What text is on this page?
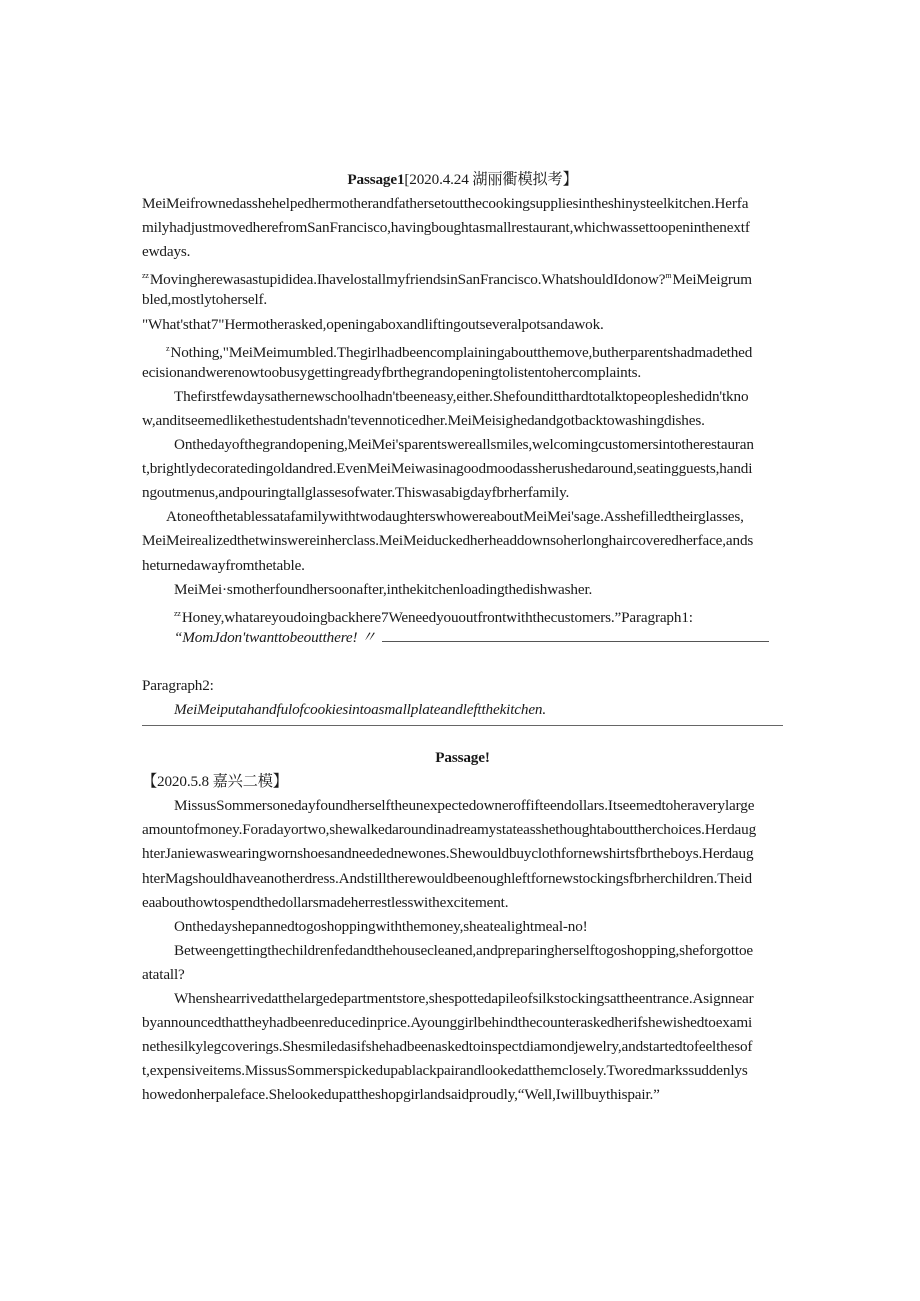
Passage1[2020.4.24 湖丽衢模拟考】
MeiMeifrownedasshehelpedhermotherandfathersetoutthecookingsuppliesintheshinysteelkitchen.Herfa
milyhadjustmovedherefromSanFrancisco,havingboughtasmallrestaurant,whichwassettoopeninthenextf
ewdays.
$^{zz}$Movingherewasastupididea.IhavelostallmyfriendsinSanFrancisco.WhatshouldIdonow?$^m$MeiMeigrum
bled,mostlytoherself.
"What'sthat7"Hermotherasked,openingaboxandliftingoutseveralpotsandawok.
$^z$Nothing,"MeiMeimumbled.Thegirlhadbeencomplainingaboutthemove,butherparentshadmadethed
ecisionandwerenowtoobusygettingreadyfbrthegrandopeningtolistentohercomplaints.
Thefirstfewdaysathernewschoolhadn'tbeeneasy,either.Shefounditthardtotalktopeopleshedidn'tkno
w,anditseemedlikethestudentshadn'tevennoticedher.MeiMeisighedandgotbacktowashingdishes.
Onthedayofthegrandopening,MeiMei'sparentswereallsmiles,welcomingcustomersintotherestauran
t,brightlydecoratedingoldandred.EvenMeiMeiwasinagoodmoodassherushedaround,seatingguests,handi
ngoutmenus,andpouringtallglassesofwater.Thiswasabigdayfbrherfamily.
AtoneofthetablessatafamilywithtwodaughterswhowereaboutMeiMei'sage.Asshefilledtheirglasses,
MeiMeirealizedthetwinswereinherclass.MeiMeiduckedherheaddownsoherlonghaircoveredherface,ands
heturnedawayfromthetable.
MeiMei·smotherfoundhersoonafter,inthekitchenloadingthedishwasher.
$^{zz}$Honey,whatareyoudoingbackhere7Weneedyououtfrontwiththecustomers.”Paragraph1:
“MomJdon'twanttobeoutthere! 〃
Paragraph2:
MeiMeiputahandfulofcookiesintoasmallplateandleftthekitchen.
Passage!
【2020.5.8 嘉兴二模】
MissusSommersonedayfoundherselftheunexpectedowneroffifteendollars.Itseemedtoheraverylarge
amountofmoney.Foradayortwo,shewalkedaroundinadreamystateasshethoughtabouttherchoices.Herdaug
hterJaniewaswearingwornshoesandneedednewones.Shewouldbuyclothfornewshirtsfbrtheboys.Herdaug
hterMagshouldhaveanotherdress.Andstilltherewouldbeenoughleftfornewstockingsfbrherchildren.Theid
eaabouthowtospendthedollarsmadeherrestlesswithexcitement.
Onthedayshepannedtogoshoppingwiththemoney,sheatealightmeal-no!
Betweengettingthechildrenfedandthehousecleaned,andpreparingherselftogoshopping,sheforgottoe
atatall?
Whenshearrivedatthelargedepartmentstore,shespottedapileofsilkstockingsattheentrance.Asignnear
byannouncedthattheyhadbeenreducedinprice.Ayounggirlbehindthecounteraskedherifshewishedtoexami
nethesilkylegcoverings.Shesmiledasifshehadbeenaskedtoinspectdiamondjewelry,andstartedtofeelthesof
t,expensiveitems.MissusSommerspickedupablackpairandlookedatthemclosely.Tworedmarkssuddenlys
howedonherpaleface.Shelookedupattheshopgirlandsaidproudly,“Well,Iwillbuythispair.”
